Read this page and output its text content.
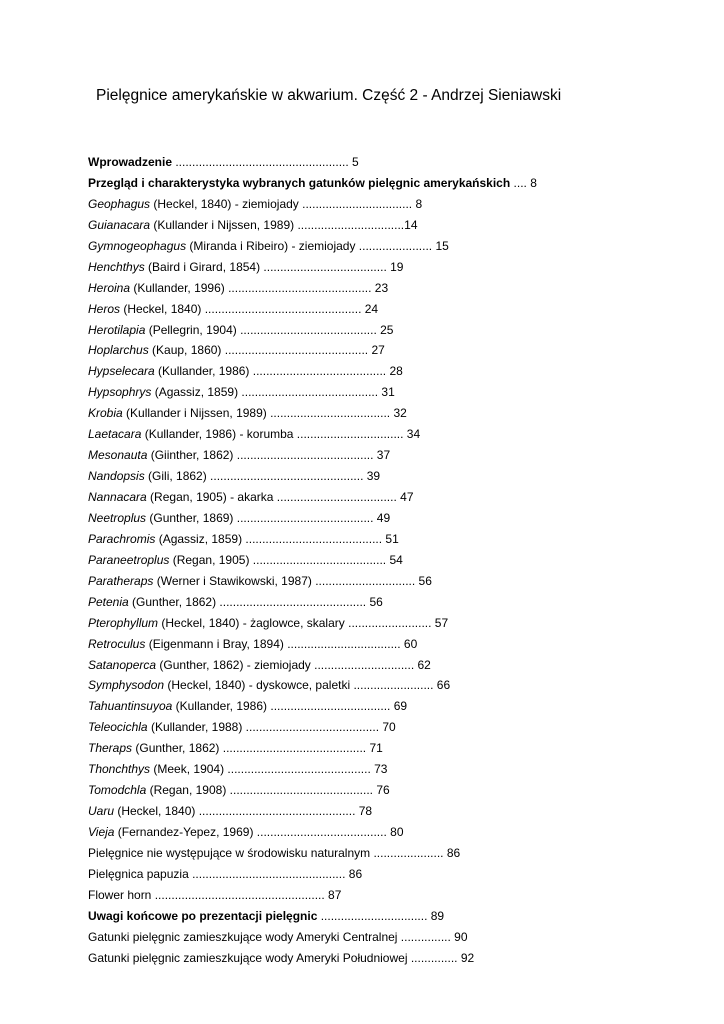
Pielęgnice amerykańskie w akwarium. Część 2 - Andrzej Sieniawski
Wprowadzenie .................................................... 5
Przegląd i charakterystyka wybranych gatunków pielęgnic amerykańskich .... 8
Geophagus (Heckel, 1840) - ziemiojady ................................. 8
Guianacara (Kullander i Nijssen, 1989) ................................14
Gymnogeophagus (Miranda i Ribeiro) - ziemiojady ...................... 15
Henchthys (Baird i Girard, 1854) ..................................... 19
Heroina (Kullander, 1996) ........................................... 23
Heros (Heckel, 1840) ............................................... 24
Herotilapia (Pellegrin, 1904) ......................................... 25
Hoplarchus (Kaup, 1860) ........................................... 27
Hypselecara (Kullander, 1986) ........................................ 28
Hypsophrys (Agassiz, 1859) ......................................... 31
Krobia (Kullander i Nijssen, 1989) .................................... 32
Laetacara (Kullander, 1986) - korumba ................................ 34
Mesonauta (Giinther, 1862) ......................................... 37
Nandopsis (Gili, 1862) .............................................. 39
Nannacara (Regan, 1905) - akarka .................................... 47
Neetroplus (Gunther, 1869) ......................................... 49
Parachromis (Agassiz, 1859) ......................................... 51
Paraneetroplus (Regan, 1905) ........................................ 54
Paratheraps (Werner i Stawikowski, 1987) .............................. 56
Petenia (Gunther, 1862) ............................................ 56
Pterophyllum (Heckel, 1840) - żaglowce, skalary ......................... 57
Retroculus (Eigenmann i Bray, 1894) .................................. 60
Satanoperca (Gunther, 1862) - ziemiojady .............................. 62
Symphysodon (Heckel, 1840) - dyskowce, paletki ........................ 66
Tahuantinsuyoa (Kullander, 1986) .................................... 69
Teleocichla (Kullander, 1988) ........................................ 70
Theraps (Gunther, 1862) ........................................... 71
Thonchthys (Meek, 1904) ........................................... 73
Tomodchla (Regan, 1908) ........................................... 76
Uaru (Heckel, 1840) ............................................... 78
Vieja (Fernandez-Yepez, 1969) ....................................... 80
Pielęgnice nie występujące w środowisku naturalnym ..................... 86
Pielęgnica papuzia .............................................. 86
Flower horn ................................................... 87
Uwagi końcowe po prezentacji pielęgnic ................................ 89
Gatunki pielęgnic zamieszkujące wody Ameryki Centralnej ............... 90
Gatunki pielęgnic zamieszkujące wody Ameryki Południowej .............. 92
